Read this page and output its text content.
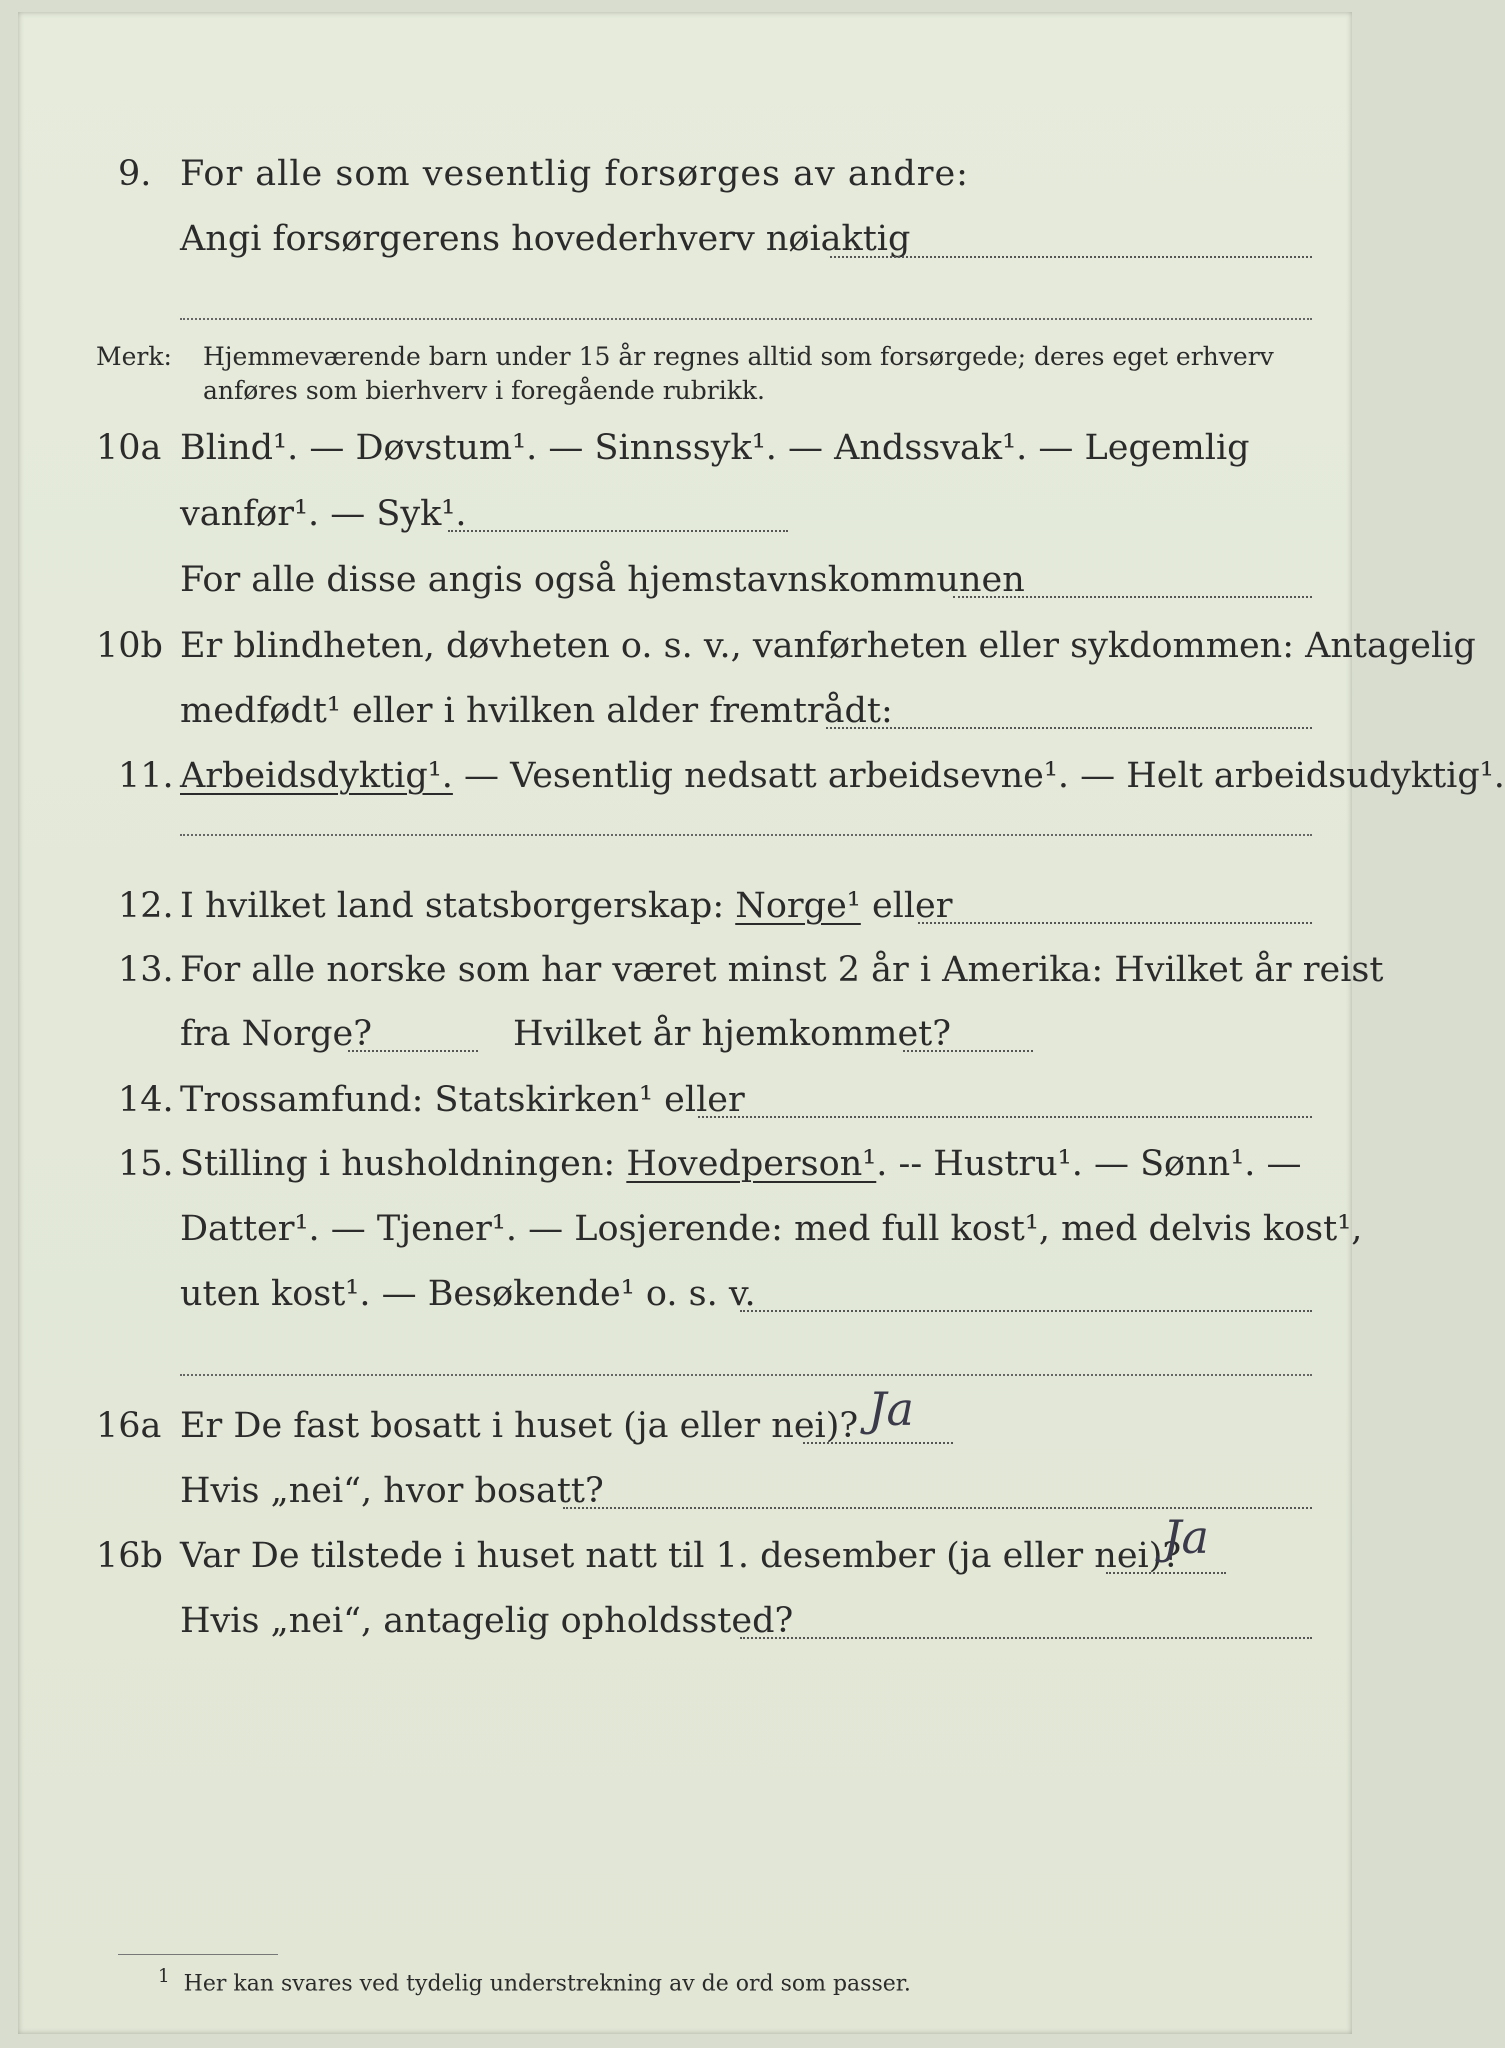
9. For alle som vesentlig forsørges av andre:
Angi forsørgerens hovederhverv nøiaktig
Merk: Hjemmeværende barn under 15 år regnes alltid som forsørgede; deres eget erhverv
anføres som bierhverv i foregående rubrikk.
10a Blind¹. — Døvstum¹. — Sinnssyk¹. — Andssvak¹. — Legemlig
vanfør¹. — Syk¹.
For alle disse angis også hjemstavnskommunen
10b Er blindheten, døvheten o. s. v., vanførheten eller sykdommen: Antagelig
medfødt¹ eller i hvilken alder fremtrådt:
11. Arbeidsdyktig¹. — Vesentlig nedsatt arbeidsevne¹. — Helt arbeidsudyktig¹.
12. I hvilket land statsborgerskap: Norge¹ eller
13. For alle norske som har været minst 2 år i Amerika: Hvilket år reist
fra Norge?	Hvilket år hjemkommet?
14. Trossamfund: Statskirken¹ eller
15. Stilling i husholdningen: Hovedperson¹. -- Hustru¹. — Sønn¹. —
Datter¹. — Tjener¹. — Losjerende: med full kost¹, med delvis kost¹,
uten kost¹. — Besøkende¹ o. s. v.
16a Er De fast bosatt i huset (ja eller nei)? Ja
Hvis „nei“, hvor bosatt?
16b Var De tilstede i huset natt til 1. desember (ja eller nei)?
Ja
Hvis „nei“, antagelig opholdssted?
$^1$ Her kan svares ved tydelig understrekning av de ord som passer.
